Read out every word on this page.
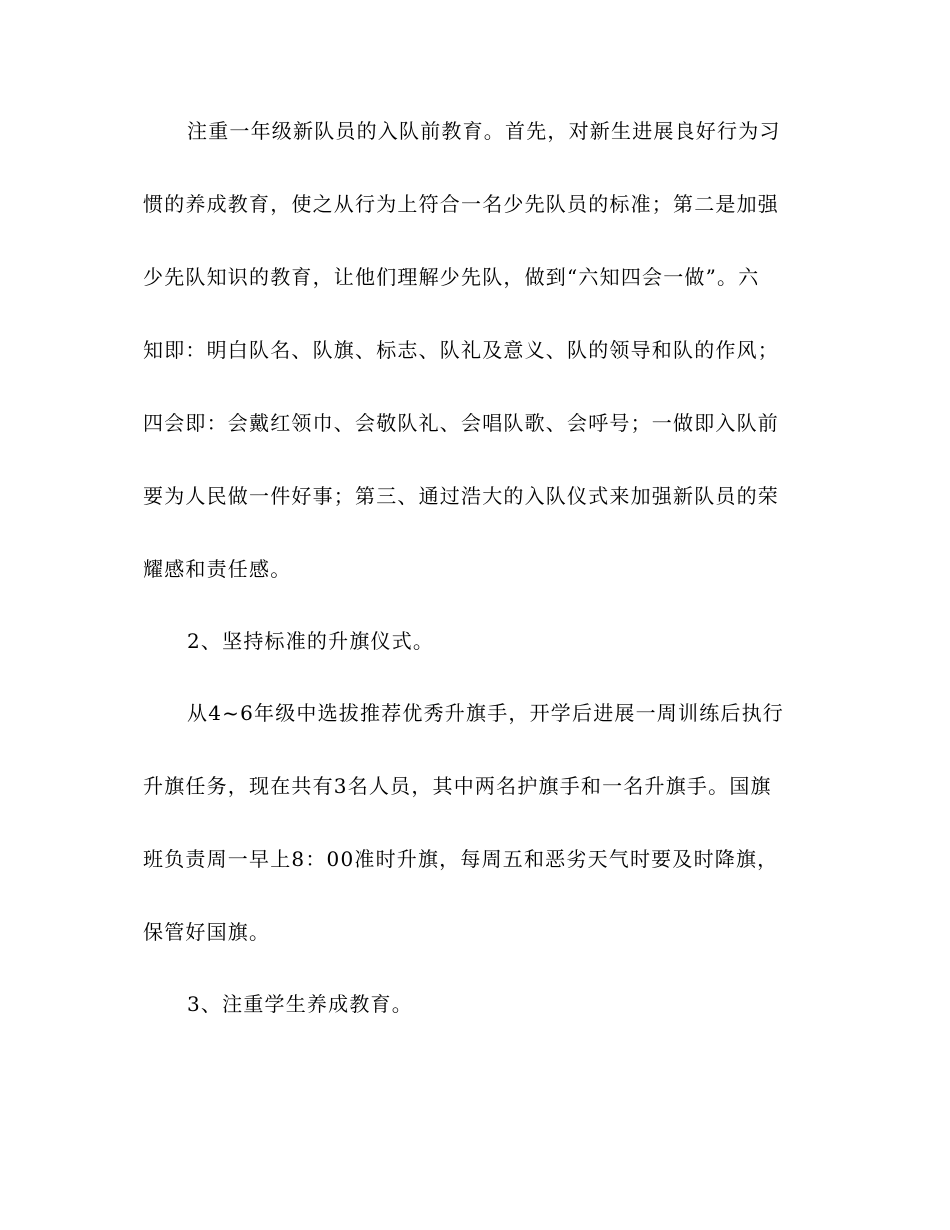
注重一年级新队员的入队前教育。首先，对新生进展良好行为习
惯的养成教育，使之从行为上符合一名少先队员的标准；第二是加强
少先队知识的教育，让他们理解少先队，做到“六知四会一做”。六
知即：明白队名、队旗、标志、队礼及意义、队的领导和队的作风；
四会即：会戴红领巾、会敬队礼、会唱队歌、会呼号；一做即入队前
要为人民做一件好事；第三、通过浩大的入队仪式来加强新队员的荣
耀感和责任感。
2、坚持标准的升旗仪式。
从4~6年级中选拔推荐优秀升旗手，开学后进展一周训练后执行
升旗任务，现在共有3名人员，其中两名护旗手和一名升旗手。国旗
班负责周一早上8：00准时升旗，每周五和恶劣天气时要及时降旗，
保管好国旗。
3、注重学生养成教育。
